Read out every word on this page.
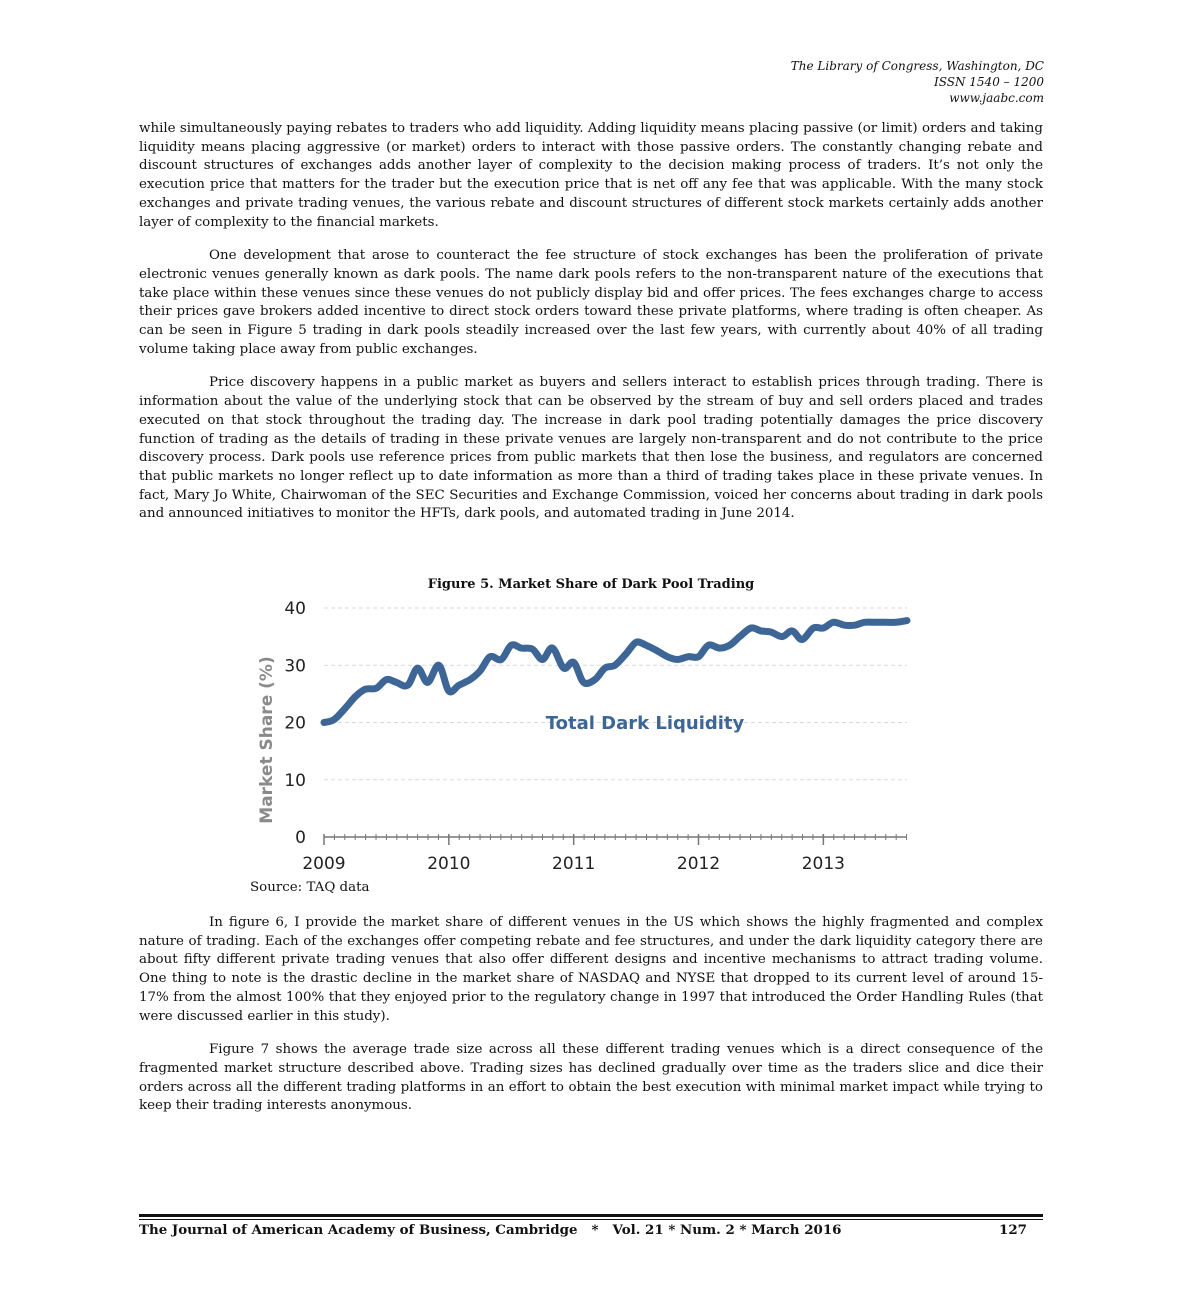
The Library of Congress, Washington, DC
ISSN 1540 – 1200
www.jaabc.com

while simultaneously paying rebates to traders who add liquidity. Adding liquidity means placing passive (or limit) orders and taking liquidity means placing aggressive (or market) orders to interact with those passive orders. The constantly changing rebate and discount structures of exchanges adds another layer of complexity to the decision making process of traders. It’s not only the execution price that matters for the trader but the execution price that is net off any fee that was applicable. With the many stock exchanges and private trading venues, the various rebate and discount structures of different stock markets certainly adds another layer of complexity to the financial markets.

One development that arose to counteract the fee structure of stock exchanges has been the proliferation of private electronic venues generally known as dark pools. The name dark pools refers to the non-transparent nature of the executions that take place within these venues since these venues do not publicly display bid and offer prices. The fees exchanges charge to access their prices gave brokers added incentive to direct stock orders toward these private platforms, where trading is often cheaper. As can be seen in Figure 5 trading in dark pools steadily increased over the last few years, with currently about 40% of all trading volume taking place away from public exchanges.

Price discovery happens in a public market as buyers and sellers interact to establish prices through trading. There is information about the value of the underlying stock that can be observed by the stream of buy and sell orders placed and trades executed on that stock throughout the trading day. The increase in dark pool trading potentially damages the price discovery function of trading as the details of trading in these private venues are largely non-transparent and do not contribute to the price discovery process. Dark pools use reference prices from public markets that then lose the business, and regulators are concerned that public markets no longer reflect up to date information as more than a third of trading takes place in these private venues. In fact, Mary Jo White, Chairwoman of the SEC Securities and Exchange Commission, voiced her concerns about trading in dark pools and announced initiatives to monitor the HFTs, dark pools, and automated trading in June 2014.

Figure 5. Market Share of Dark Pool Trading
0
10
20
30
40
2009	2010	2011	2012	2013
Market Share (%)	Total Dark Liquidity
Source: TAQ data

In figure 6, I provide the market share of different venues in the US which shows the highly fragmented and complex nature of trading. Each of the exchanges offer competing rebate and fee structures, and under the dark liquidity category there are about fifty different private trading venues that also offer different designs and incentive mechanisms to attract trading volume. One thing to note is the drastic decline in the market share of NASDAQ and NYSE that dropped to its current level of around 15-17% from the almost 100% that they enjoyed prior to the regulatory change in 1997 that introduced the Order Handling Rules (that were discussed earlier in this study).

Figure 7 shows the average trade size across all these different trading venues which is a direct consequence of the fragmented market structure described above. Trading sizes has declined gradually over time as the traders slice and dice their orders across all the different trading platforms in an effort to obtain the best execution with minimal market impact while trying to keep their trading interests anonymous.

The Journal of American Academy of Business, Cambridge   *   Vol. 21 * Num. 2 * March 2016	127
